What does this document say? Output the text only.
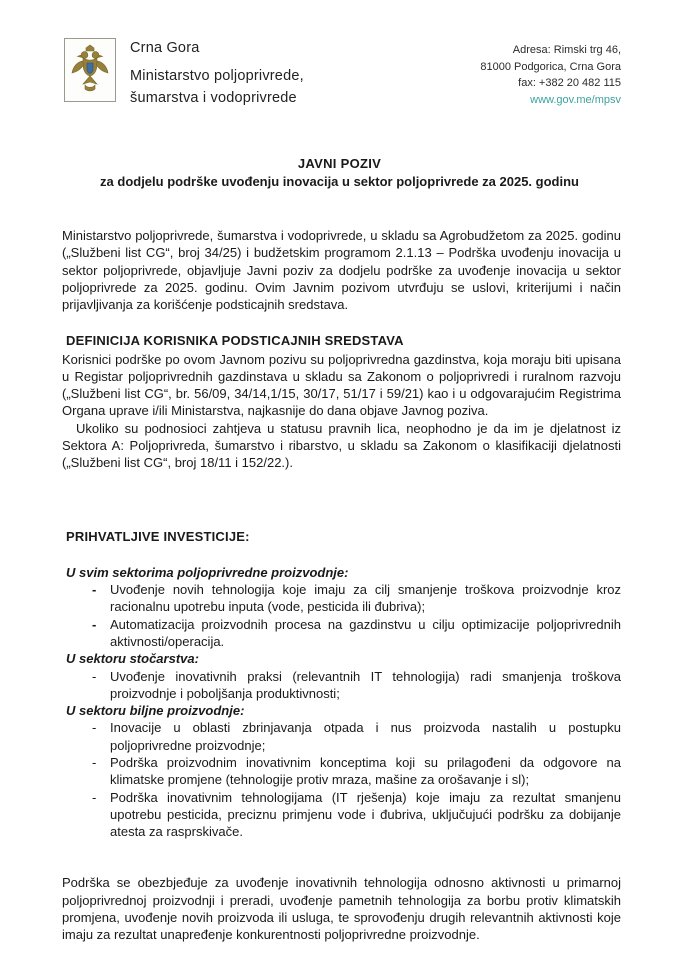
Crna Gora
Ministarstvo poljoprivrede,
šumarstva i vodoprivrede
Adresa: Rimski trg 46,
81000 Podgorica, Crna Gora
fax: +382 20 482 115
www.gov.me/mpsv
JAVNI POZIV
za dodjelu podrške uvođenju inovacija u sektor poljoprivrede za 2025. godinu

Ministarstvo poljoprivrede, šumarstva i vodoprivrede, u skladu sa Agrobudžetom za 2025. godinu („Službeni list CG“, broj 34/25) i budžetskim programom 2.1.13 – Podrška uvođenju inovacija u sektor poljoprivrede, objavljuje Javni poziv za dodjelu podrške za uvođenje inovacija u sektor poljoprivrede za 2025. godinu. Ovim Javnim pozivom utvrđuju se uslovi, kriterijumi i način prijavljivanja za korišćenje podsticajnih sredstava.

DEFINICIJA KORISNIKA PODSTICAJNIH SREDSTAVA

Korisnici podrške po ovom Javnom pozivu su poljoprivredna gazdinstva, koja moraju biti upisana u Registar poljoprivrednih gazdinstava u skladu sa Zakonom o poljoprivredi i ruralnom razvoju („Službeni list CG“, br. 56/09, 34/14,1/15, 30/17, 51/17 i 59/21) kao i u odgovarajućim Registrima Organa uprave i/ili Ministarstva, najkasnije do dana objave Javnog poziva.

Ukoliko su podnosioci zahtjeva u statusu pravnih lica, neophodno je da im je djelatnost iz Sektora A: Poljoprivreda, šumarstvo i ribarstvo, u skladu sa Zakonom o klasifikaciji djelatnosti („Službeni list CG“, broj 18/11 i 152/22.).

PRIHVATLJIVE INVESTICIJE:
U svim sektorima poljoprivredne proizvodnje:
- Uvođenje novih tehnologija koje imaju za cilj smanjenje troškova proizvodnje kroz racionalnu upotrebu inputa (vode, pesticida ili đubriva);
- Automatizacija proizvodnih procesa na gazdinstvu u cilju optimizacije poljoprivrednih aktivnosti/operacija.
U sektoru stočarstva:
- Uvođenje inovativnih praksi (relevantnih IT tehnologija) radi smanjenja troškova proizvodnje i poboljšanja produktivnosti;
U sektoru biljne proizvodnje:
- Inovacije u oblasti zbrinjavanja otpada i nus proizvoda nastalih u postupku poljoprivredne proizvodnje;
- Podrška proizvodnim inovativnim konceptima koji su prilagođeni da odgovore na klimatske promjene (tehnologije protiv mraza, mašine za orošavanje i sl);
- Podrška inovativnim tehnologijama (IT rješenja) koje imaju za rezultat smanjenu upotrebu pesticida, preciznu primjenu vode i đubriva, uključujući podršku za dobijanje atesta za rasprskivače.

Podrška se obezbjeđuje za uvođenje inovativnih tehnologija odnosno aktivnosti u primarnoj poljoprivrednoj proizvodnji i preradi, uvođenje pametnih tehnologija za borbu protiv klimatskih promjena, uvođenje novih proizvoda ili usluga, te sprovođenju drugih relevantnih aktivnosti koje imaju za rezultat unapređenje konkurentnosti poljoprivredne proizvodnje.
